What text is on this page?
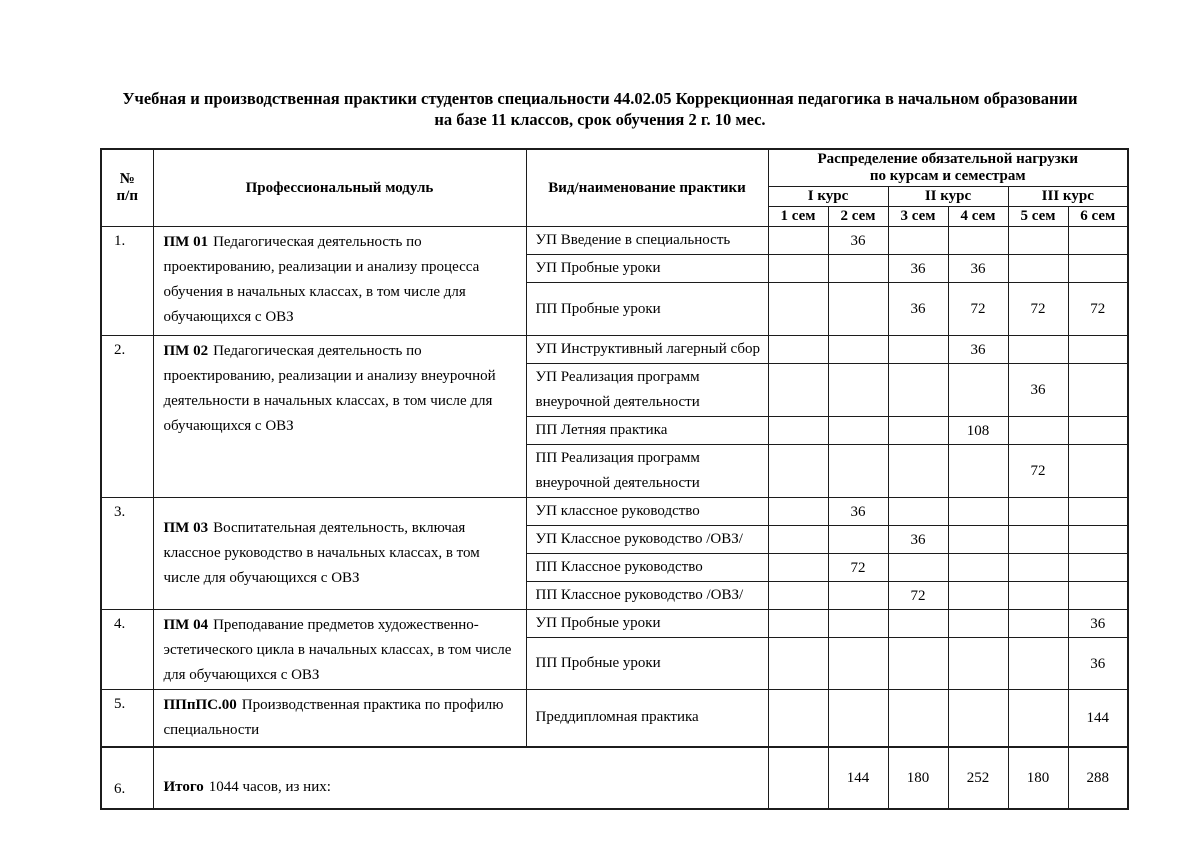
Учебная и производственная практики студентов специальности 44.02.05 Коррекционная педагогика в начальном образовании
на базе 11 классов, срок обучения 2 г. 10 мес.
№
п/п
	Профессиональный модуль	Вид/наименование практики	
Распределение обязательной нагрузки
по курсам и семестрам

			I курс		II курс		III курс	
			1 сем	2 сем	3 сем	4 сем	5 сем	6 сем
1.	ПМ 01 Педагогическая деятельность по проектированию, реализации и анализу процесса обучения в начальных классах, в том числе для обучающихся с ОВЗ	УП Введение в специальность		36				
		УП Пробные уроки			36	36		
		ПП Пробные уроки			36	72	72	72
2.	ПМ 02 Педагогическая деятельность по проектированию, реализации и анализу внеурочной деятельности в начальных классах, в том числе для обучающихся с ОВЗ	УП Инструктивный лагерный сбор				36		
		УП Реализация программ внеурочной деятельности					36	
		ПП Летняя практика				108		
		ПП Реализация программ внеурочной деятельности					72	
3.	ПМ 03 Воспитательная деятельность, включая классное руководство в начальных классах, в том числе для обучающихся с ОВЗ	УП классное руководство		36				
		УП Классное руководство /ОВЗ/			36			
		ПП Классное руководство		72				
		ПП Классное руководство /ОВЗ/			72			
4.	ПМ 04 Преподавание предметов художественно-эстетического цикла в начальных классах, в том числе для обучающихся с ОВЗ	УП Пробные уроки						36
		ПП Пробные уроки						36
5.	ППпПС.00 Производственная практика по профилю специальности	Преддипломная практика						144
6.	Итого 1044 часов, из них:			144	180	252	180	288
